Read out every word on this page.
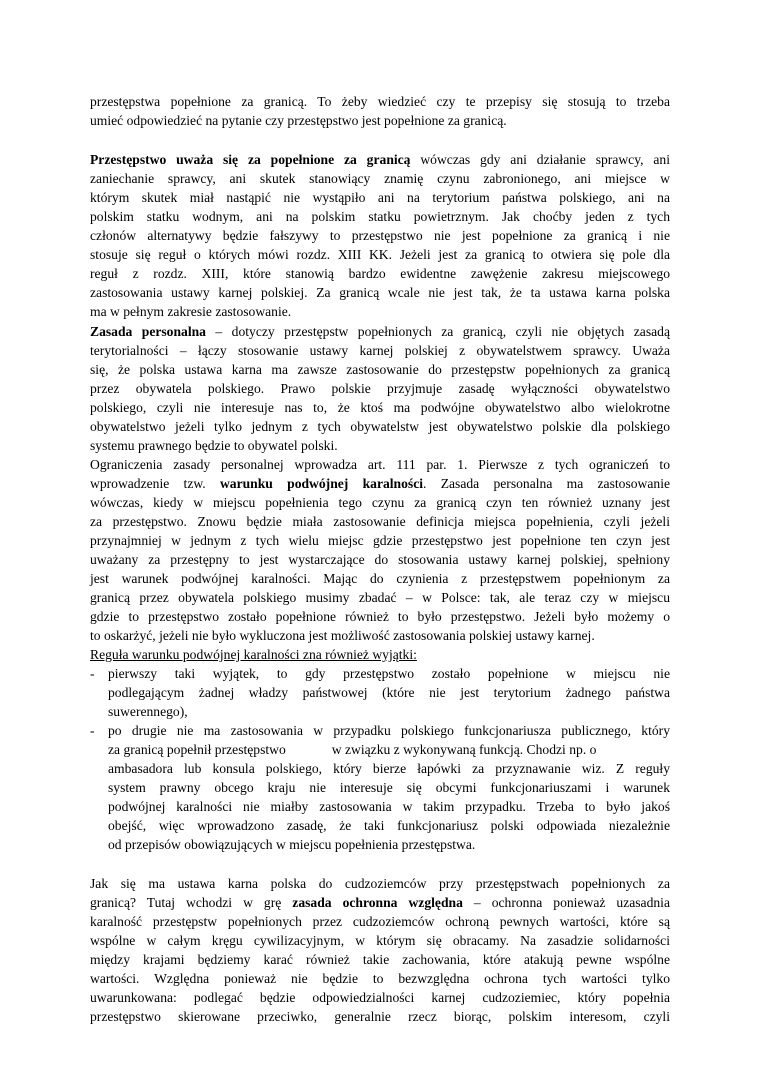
przestępstwa popełnione za granicą. To żeby wiedzieć czy te przepisy się stosują to trzeba
umieć odpowiedzieć na pytanie czy przestępstwo jest popełnione za granicą.
Przestępstwo uważa się za popełnione za granicą wówczas gdy ani działanie sprawcy, ani
zaniechanie sprawcy, ani skutek stanowiący znamię czynu zabronionego, ani miejsce w
którym skutek miał nastąpić nie wystąpiło ani na terytorium państwa polskiego, ani na
polskim statku wodnym, ani na polskim statku powietrznym. Jak choćby jeden z tych
członów alternatywy będzie fałszywy to przestępstwo nie jest popełnione za granicą i nie
stosuje się reguł o których mówi rozdz. XIII KK. Jeżeli jest za granicą to otwiera się pole dla
reguł z rozdz. XIII, które stanowią bardzo ewidentne zawężenie zakresu miejscowego
zastosowania ustawy karnej polskiej. Za granicą wcale nie jest tak, że ta ustawa karna polska
ma w pełnym zakresie zastosowanie.
Zasada personalna – dotyczy przestępstw popełnionych za granicą, czyli nie objętych zasadą
terytorialności – łączy stosowanie ustawy karnej polskiej z obywatelstwem sprawcy. Uważa
się, że polska ustawa karna ma zawsze zastosowanie do przestępstw popełnionych za granicą
przez obywatela polskiego. Prawo polskie przyjmuje zasadę wyłączności obywatelstwo
polskiego, czyli nie interesuje nas to, że ktoś ma podwójne obywatelstwo albo wielokrotne
obywatelstwo jeżeli tylko jednym z tych obywatelstw jest obywatelstwo polskie dla polskiego
systemu prawnego będzie to obywatel polski.
Ograniczenia zasady personalnej wprowadza art. 111 par. 1. Pierwsze z tych ograniczeń to
wprowadzenie tzw. warunku podwójnej karalności. Zasada personalna ma zastosowanie
wówczas, kiedy w miejscu popełnienia tego czynu za granicą czyn ten również uznany jest
za przestępstwo. Znowu będzie miała zastosowanie definicja miejsca popełnienia, czyli jeżeli
przynajmniej w jednym z tych wielu miejsc gdzie przestępstwo jest popełnione ten czyn jest
uważany za przestępny to jest wystarczające do stosowania ustawy karnej polskiej, spełniony
jest warunek podwójnej karalności. Mając do czynienia z przestępstwem popełnionym za
granicą przez obywatela polskiego musimy zbadać – w Polsce: tak, ale teraz czy w miejscu
gdzie to przestępstwo zostało popełnione również to było przestępstwo. Jeżeli było możemy o
to oskarżyć, jeżeli nie było wykluczona jest możliwość zastosowania polskiej ustawy karnej.
Reguła warunku podwójnej karalności zna również wyjątki:
- pierwszy taki wyjątek, to gdy przestępstwo zostało popełnione w miejscu nie
podlegającym żadnej władzy państwowej (które nie jest terytorium żadnego państwa
suwerennego),
- po drugie nie ma zastosowania w przypadku polskiego funkcjonariusza publicznego, który
za granicą popełnił przestępstwo	w związku z wykonywaną funkcją. Chodzi np. o
ambasadora lub konsula polskiego, który bierze łapówki za przyznawanie wiz. Z reguły
system prawny obcego kraju nie interesuje się obcymi funkcjonariuszami i warunek
podwójnej karalności nie miałby zastosowania w takim przypadku. Trzeba to było jakoś
obejść, więc wprowadzono zasadę, że taki funkcjonariusz polski odpowiada niezależnie
od przepisów obowiązujących w miejscu popełnienia przestępstwa.
Jak się ma ustawa karna polska do cudzoziemców przy przestępstwach popełnionych za
granicą? Tutaj wchodzi w grę zasada ochronna względna – ochronna ponieważ uzasadnia
karalność przestępstw popełnionych przez cudzoziemców ochroną pewnych wartości, które są
wspólne w całym kręgu cywilizacyjnym, w którym się obracamy. Na zasadzie solidarności
między krajami będziemy karać również takie zachowania, które atakują pewne wspólne
wartości. Względna ponieważ nie będzie to bezwzględna ochrona tych wartości tylko
uwarunkowana: podlegać będzie odpowiedzialności karnej cudzoziemiec, który popełnia
przestępstwo skierowane przeciwko, generalnie rzecz biorąc, polskim interesom, czyli
